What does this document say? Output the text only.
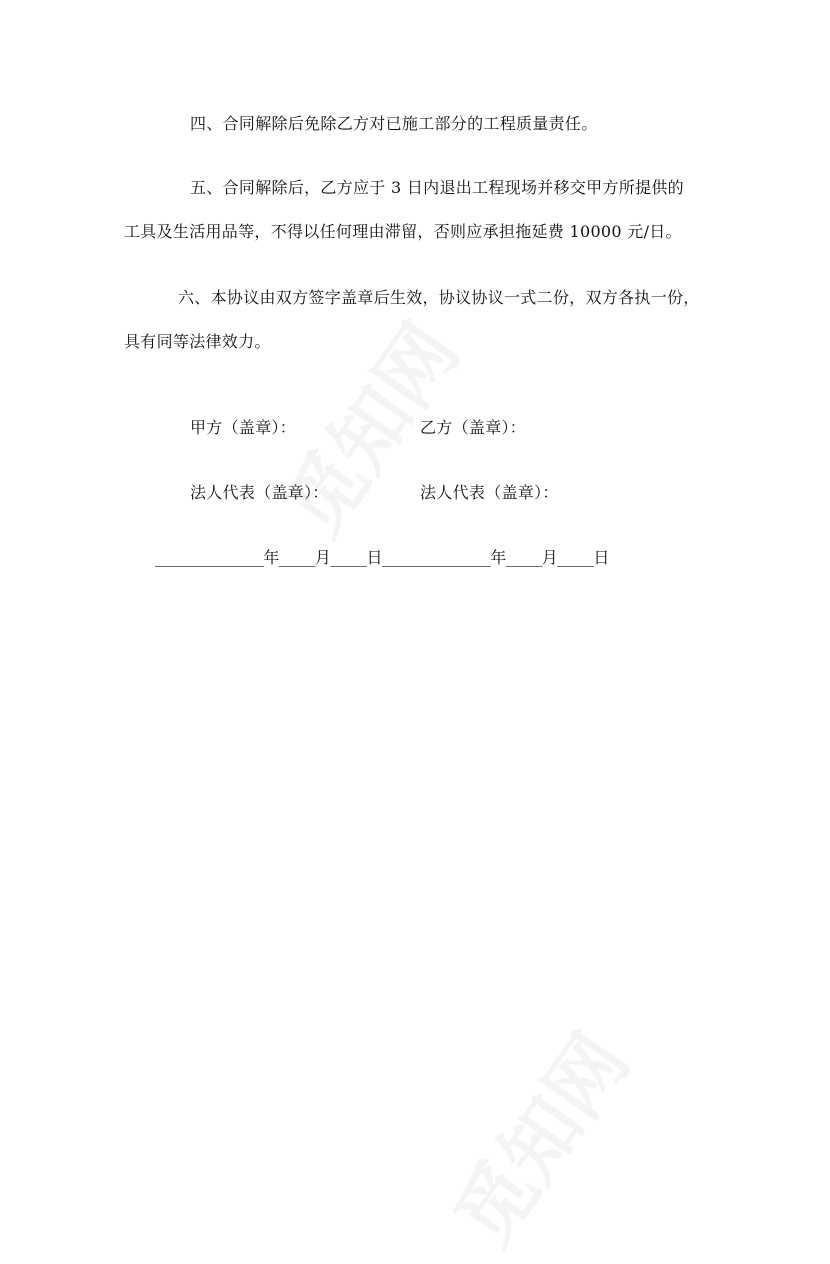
四、合同解除后免除乙方对已施工部分的工程质量责任。
五、合同解除后，乙方应于 3 日内退出工程现场并移交甲方所提供的
工具及生活用品等，不得以任何理由滞留，否则应承担拖延费 10000 元/日。
六、本协议由双方签字盖章后生效，协议协议一式二份，双方各执一份，
具有同等法律效力。
甲方（盖章）：	乙方（盖章）：
法人代表（盖章）：	法人代表（盖章）：
____________年____月____日____________年____月____日
